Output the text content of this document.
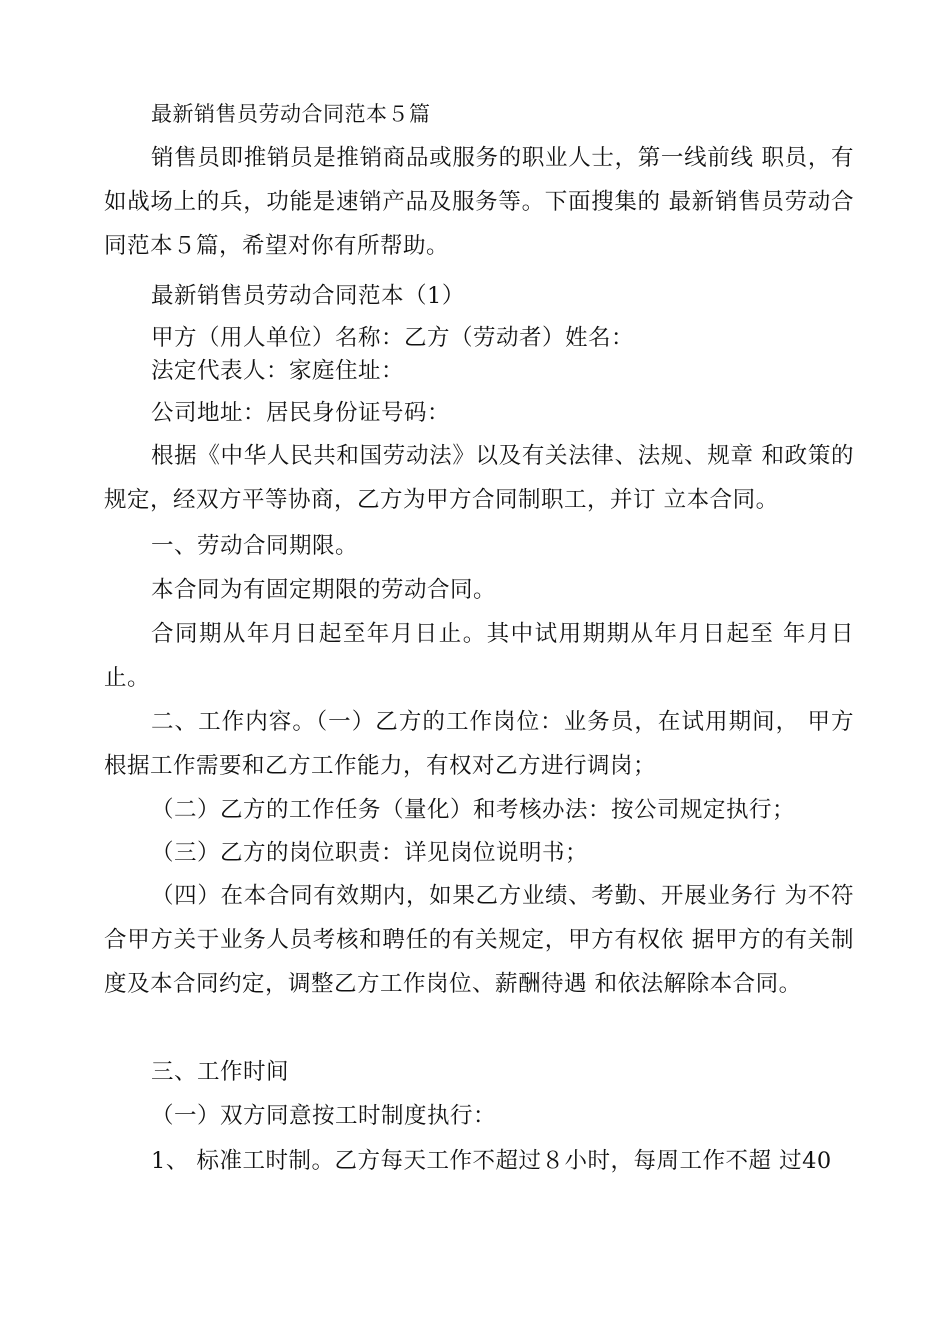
最新销售员劳动合同范本５篇

销售员即推销员是推销商品或服务的职业人士，第一线前线 职员，有如战场上的兵，功能是速销产品及服务等。下面搜集的 最新销售员劳动合同范本５篇，希望对你有所帮助。

最新销售员劳动合同范本（1）

甲方（用人单位）名称：乙方（劳动者）姓名：

法定代表人：家庭住址：

公司地址：居民身份证号码：

根据《中华人民共和国劳动法》以及有关法律、法规、规章 和政策的规定，经双方平等协商，乙方为甲方合同制职工，并订 立本合同。

一、劳动合同期限。

本合同为有固定期限的劳动合同。

合同期从年月日起至年月日止。其中试用期期从年月日起至 年月日止。

二、工作内容。（一）乙方的工作岗位：业务员，在试用期间， 甲方根据工作需要和乙方工作能力，有权对乙方进行调岗；

（二）乙方的工作任务（量化）和考核办法：按公司规定执行；

（三）乙方的岗位职责：详见岗位说明书；

（四）在本合同有效期内，如果乙方业绩、考勤、开展业务行 为不符合甲方关于业务人员考核和聘任的有关规定，甲方有权依 据甲方的有关制度及本合同约定，调整乙方工作岗位、薪酬待遇 和依法解除本合同。

三、工作时间

（一）双方同意按工时制度执行：

1、 标准工时制。乙方每天工作不超过８小时，每周工作不超 过40
